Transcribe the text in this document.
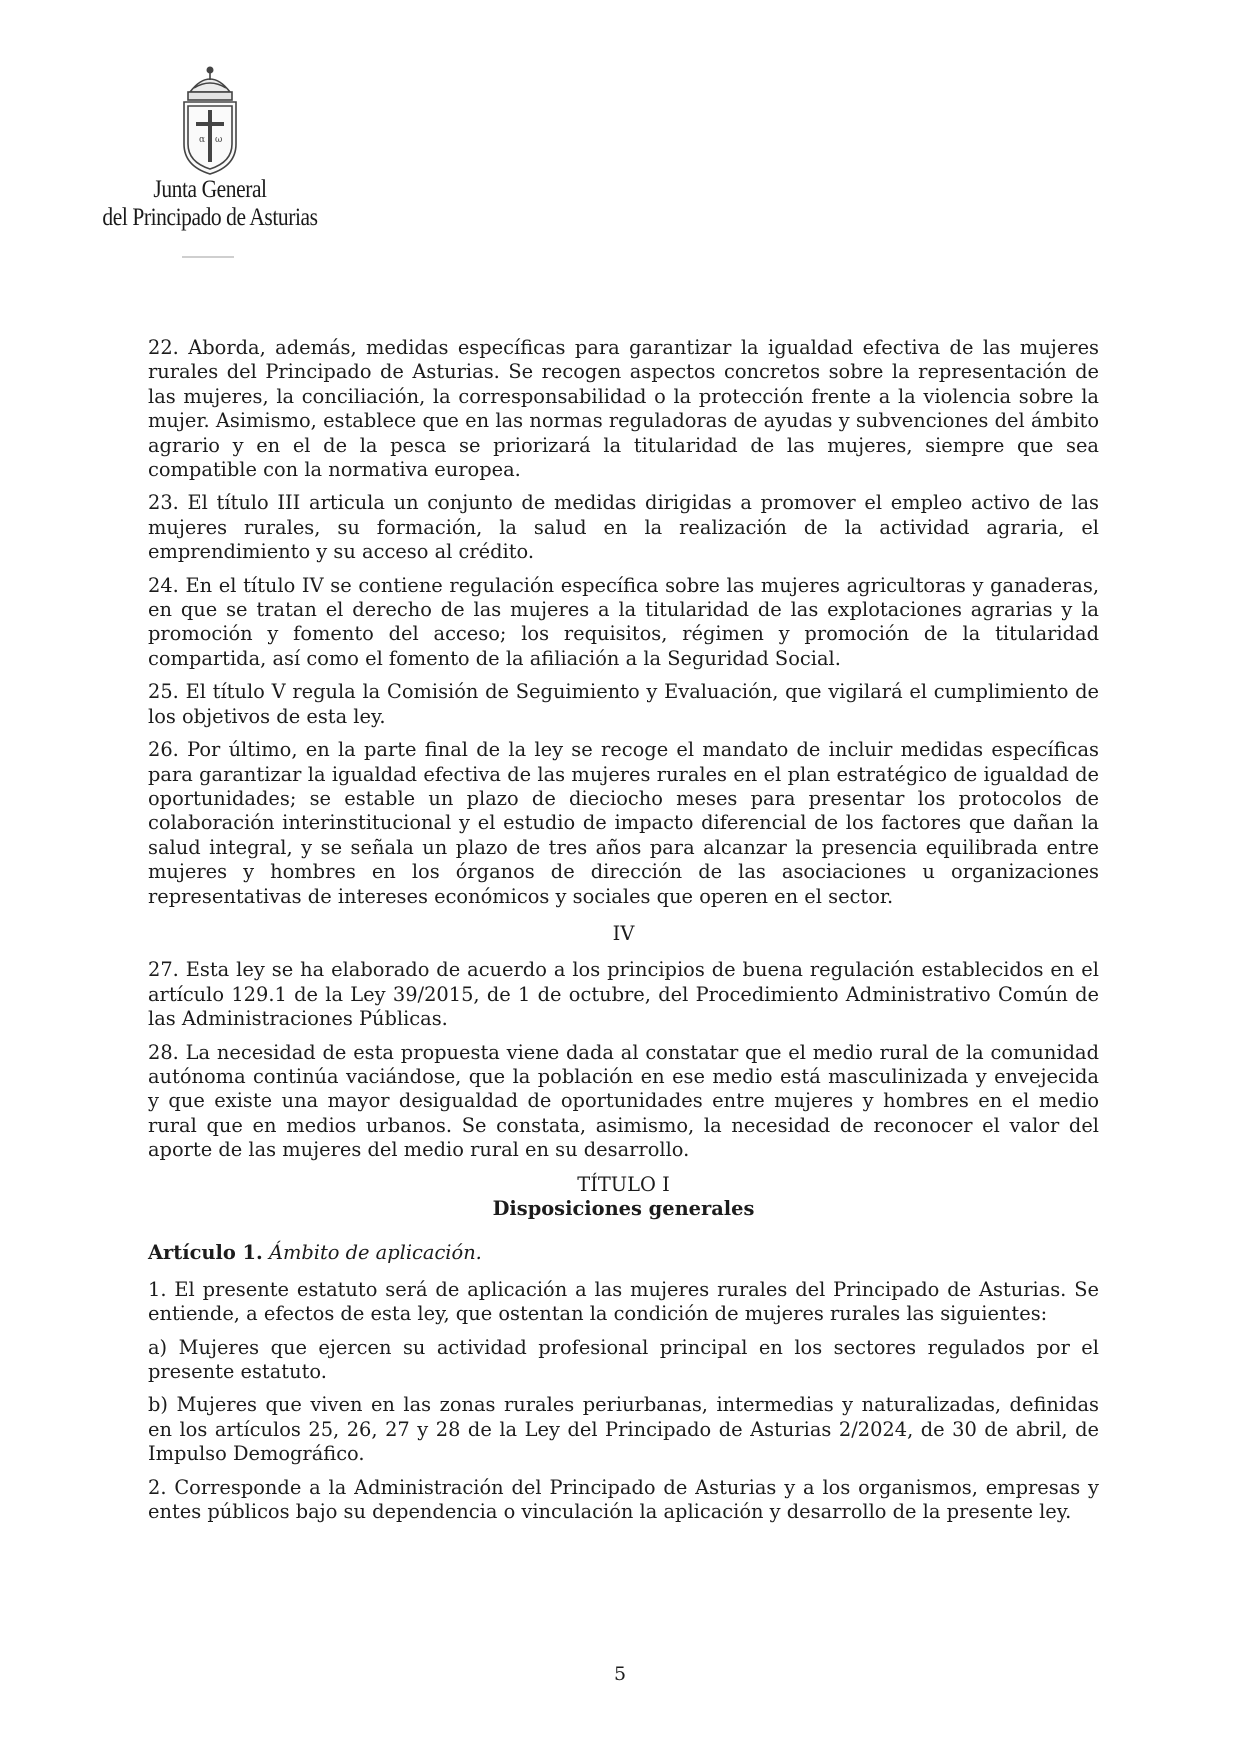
α ω
Junta General
del Principado de Asturias

22. Aborda, además, medidas específicas para garantizar la igualdad efectiva de las mujeres rurales del Principado de Asturias. Se recogen aspectos concretos sobre la representación de las mujeres, la conciliación, la corresponsabilidad o la protección frente a la violencia sobre la mujer. Asimismo, establece que en las normas reguladoras de ayudas y subvenciones del ámbito agrario y en el de la pesca se priorizará la titularidad de las mujeres, siempre que sea compatible con la normativa europea.

23. El título III articula un conjunto de medidas dirigidas a promover el empleo activo de las mujeres rurales, su formación, la salud en la realización de la actividad agraria, el emprendimiento y su acceso al crédito.

24. En el título IV se contiene regulación específica sobre las mujeres agricultoras y ganaderas, en que se tratan el derecho de las mujeres a la titularidad de las explotaciones agrarias y la promoción y fomento del acceso; los requisitos, régimen y promoción de la titularidad compartida, así como el fomento de la afiliación a la Seguridad Social.

25. El título V regula la Comisión de Seguimiento y Evaluación, que vigilará el cumplimiento de los objetivos de esta ley.

26. Por último, en la parte final de la ley se recoge el mandato de incluir medidas específicas para garantizar la igualdad efectiva de las mujeres rurales en el plan estratégico de igualdad de oportunidades; se estable un plazo de dieciocho meses para presentar los protocolos de colaboración interinstitucional y el estudio de impacto diferencial de los factores que dañan la salud integral, y se señala un plazo de tres años para alcanzar la presencia equilibrada entre mujeres y hombres en los órganos de dirección de las asociaciones u organizaciones representativas de intereses económicos y sociales que operen en el sector.

IV

27. Esta ley se ha elaborado de acuerdo a los principios de buena regulación establecidos en el artículo 129.1 de la Ley 39/2015, de 1 de octubre, del Procedimiento Administrativo Común de las Administraciones Públicas.

28. La necesidad de esta propuesta viene dada al constatar que el medio rural de la comunidad autónoma continúa vaciándose, que la población en ese medio está masculinizada y envejecida y que existe una mayor desigualdad de oportunidades entre mujeres y hombres en el medio rural que en medios urbanos. Se constata, asimismo, la necesidad de reconocer el valor del aporte de las mujeres del medio rural en su desarrollo.

TÍTULO I

Disposiciones generales

Artículo 1. Ámbito de aplicación.

1. El presente estatuto será de aplicación a las mujeres rurales del Principado de Asturias. Se entiende, a efectos de esta ley, que ostentan la condición de mujeres rurales las siguientes:

a) Mujeres que ejercen su actividad profesional principal en los sectores regulados por el presente estatuto.

b) Mujeres que viven en las zonas rurales periurbanas, intermedias y naturalizadas, definidas en los artículos 25, 26, 27 y 28 de la Ley del Principado de Asturias 2/2024, de 30 de abril, de Impulso Demográfico.

2. Corresponde a la Administración del Principado de Asturias y a los organismos, empresas y entes públicos bajo su dependencia o vinculación la aplicación y desarrollo de la presente ley.

5
